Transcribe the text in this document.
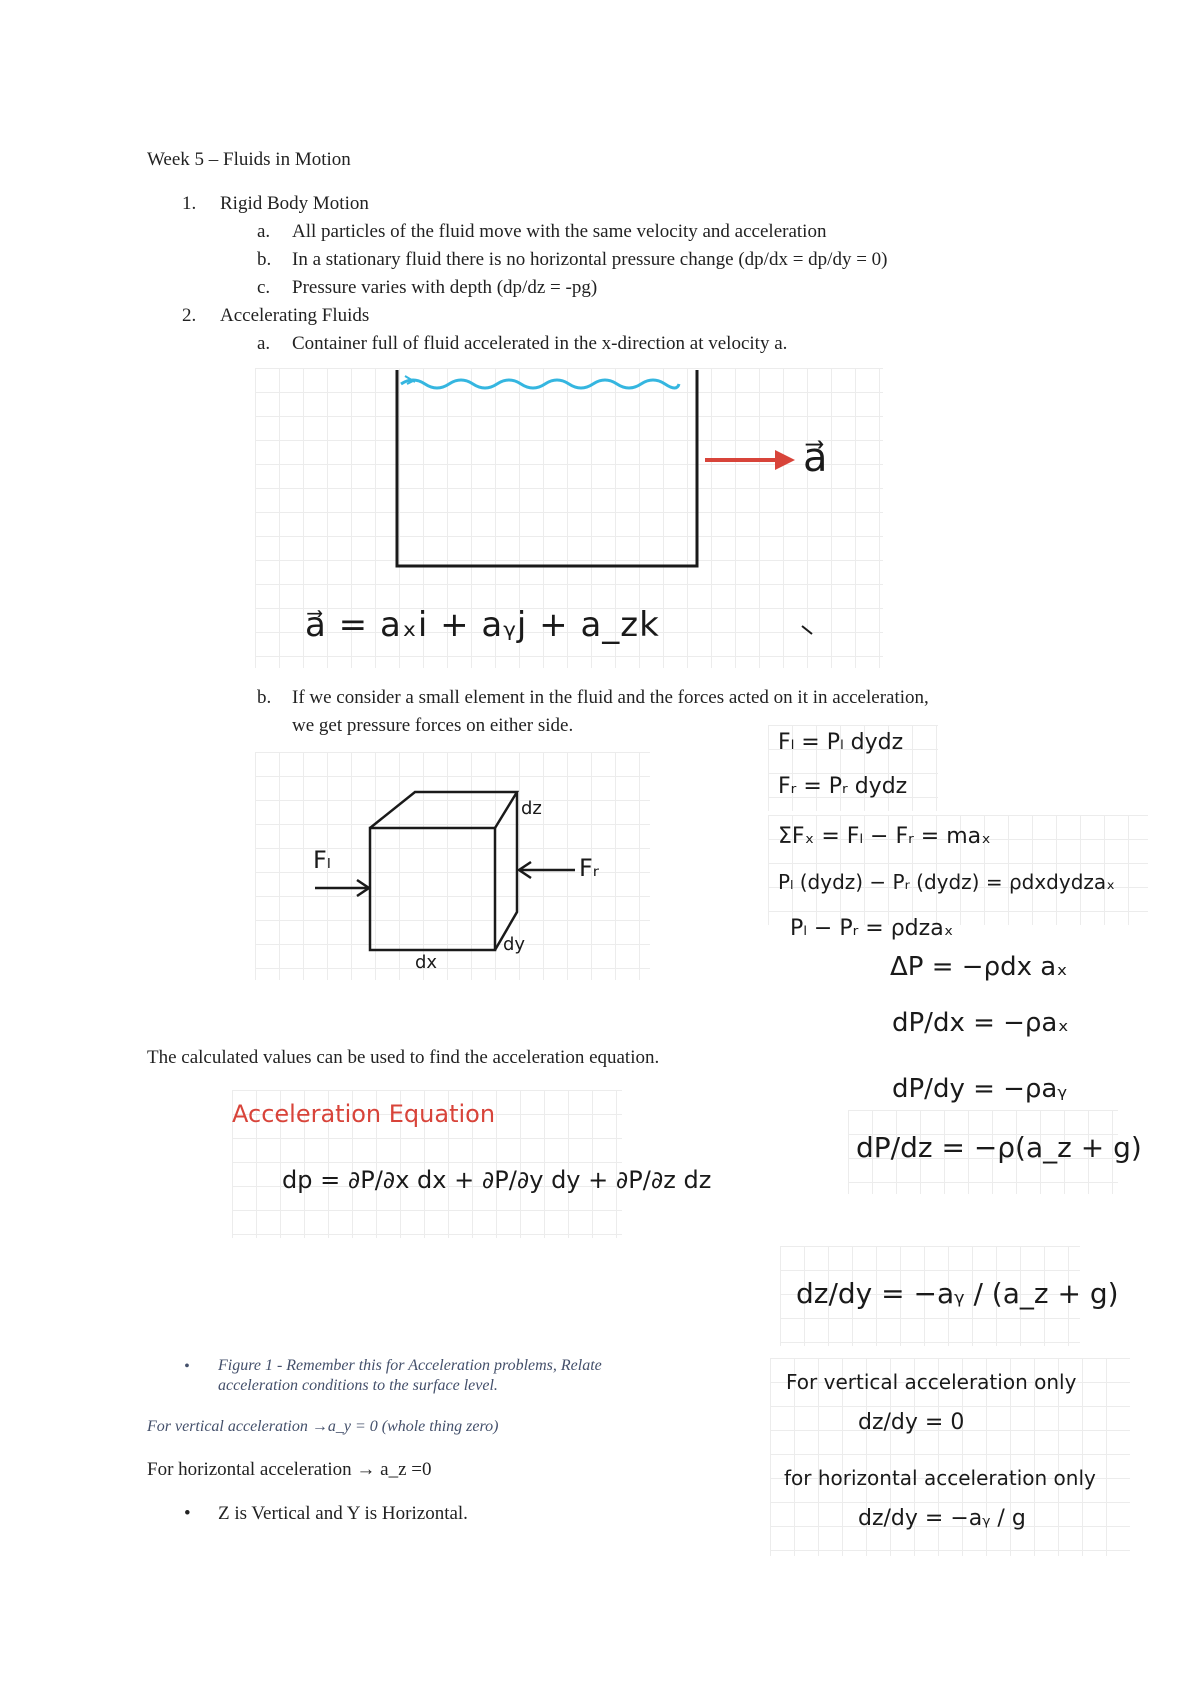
Week 5 – Fluids in Motion
1. Rigid Body Motion
a. All particles of the fluid move with the same velocity and acceleration
b. In a stationary fluid there is no horizontal pressure change (dp/dx = dp/dy = 0)
c. Pressure varies with depth (dp/dz = -pg)
2. Accelerating Fluids
a. Container full of fluid accelerated in the x-direction at velocity a.
a⃗
a⃗ = aₓi + aᵧj + a_zk
b. If we consider a small element in the fluid and the forces acted on it in acceleration,
we get pressure forces on either side.
Fₗ	Fᵣ
dz
dy
dx
Fₗ = Pₗ dydz
Fᵣ = Pᵣ dydz
ΣFₓ = Fₗ − Fᵣ = maₓ
Pₗ (dydz) − Pᵣ (dydz) = ρdxdydzaₓ
Pₗ − Pᵣ = ρdzaₓ
ΔP = −ρdx aₓ
dP/dx = −ρaₓ
dP/dy = −ρaᵧ
dP/dz = −ρ(a_z + g)
dz/dy = −aᵧ / (a_z + g)
The calculated values can be used to find the acceleration equation.
Acceleration Equation
dp = ∂P/∂x dx + ∂P/∂y dy + ∂P/∂z dz
• Figure 1 - Remember this for Acceleration problems, Relate
acceleration conditions to the surface level.
For vertical acceleration →a_y = 0 (whole thing zero)
For horizontal acceleration → a_z =0
• Z is Vertical and Y is Horizontal.
For vertical acceleration only
dz/dy = 0
for horizontal acceleration only
dz/dy = −aᵧ / g
